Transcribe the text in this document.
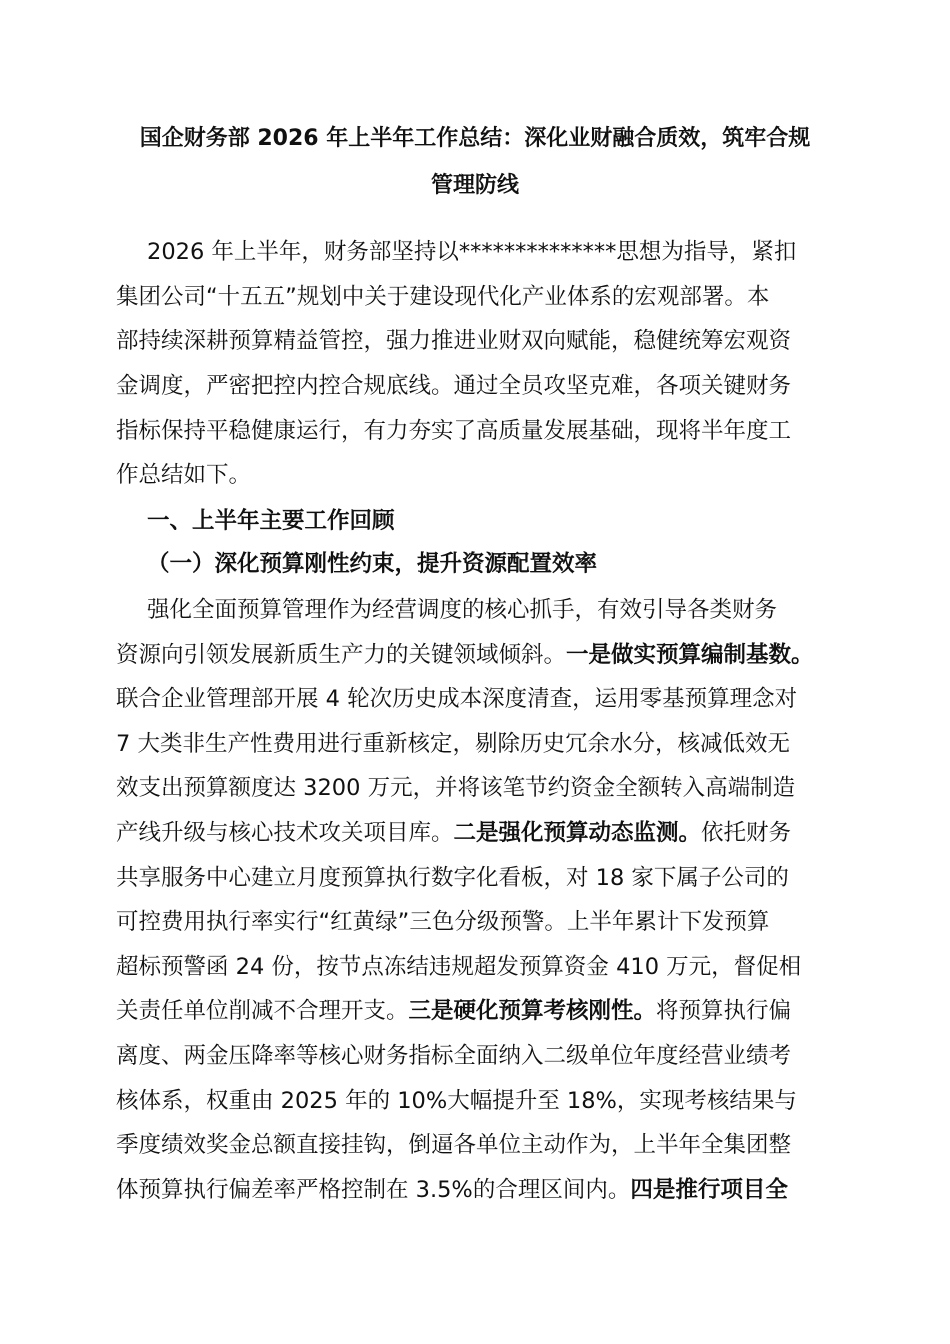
国企财务部 2026 年上半年工作总结：深化业财融合质效，筑牢合规
管理防线
2026 年上半年，财务部坚持以**************思想为指导，紧扣
集团公司“十五五”规划中关于建设现代化产业体系的宏观部署。本
部持续深耕预算精益管控，强力推进业财双向赋能，稳健统筹宏观资
金调度，严密把控内控合规底线。通过全员攻坚克难，各项关键财务
指标保持平稳健康运行，有力夯实了高质量发展基础，现将半年度工
作总结如下。
一、上半年主要工作回顾
（一）深化预算刚性约束，提升资源配置效率
强化全面预算管理作为经营调度的核心抓手，有效引导各类财务
资源向引领发展新质生产力的关键领域倾斜。一是做实预算编制基数。
联合企业管理部开展 4 轮次历史成本深度清查，运用零基预算理念对
7 大类非生产性费用进行重新核定，剔除历史冗余水分，核减低效无
效支出预算额度达 3200 万元，并将该笔节约资金全额转入高端制造
产线升级与核心技术攻关项目库。二是强化预算动态监测。依托财务
共享服务中心建立月度预算执行数字化看板，对 18 家下属子公司的
可控费用执行率实行“红黄绿”三色分级预警。上半年累计下发预算
超标预警函 24 份，按节点冻结违规超发预算资金 410 万元，督促相
关责任单位削减不合理开支。三是硬化预算考核刚性。将预算执行偏
离度、两金压降率等核心财务指标全面纳入二级单位年度经营业绩考
核体系，权重由 2025 年的 10%大幅提升至 18%，实现考核结果与
季度绩效奖金总额直接挂钩，倒逼各单位主动作为，上半年全集团整
体预算执行偏差率严格控制在 3.5%的合理区间内。四是推行项目全
